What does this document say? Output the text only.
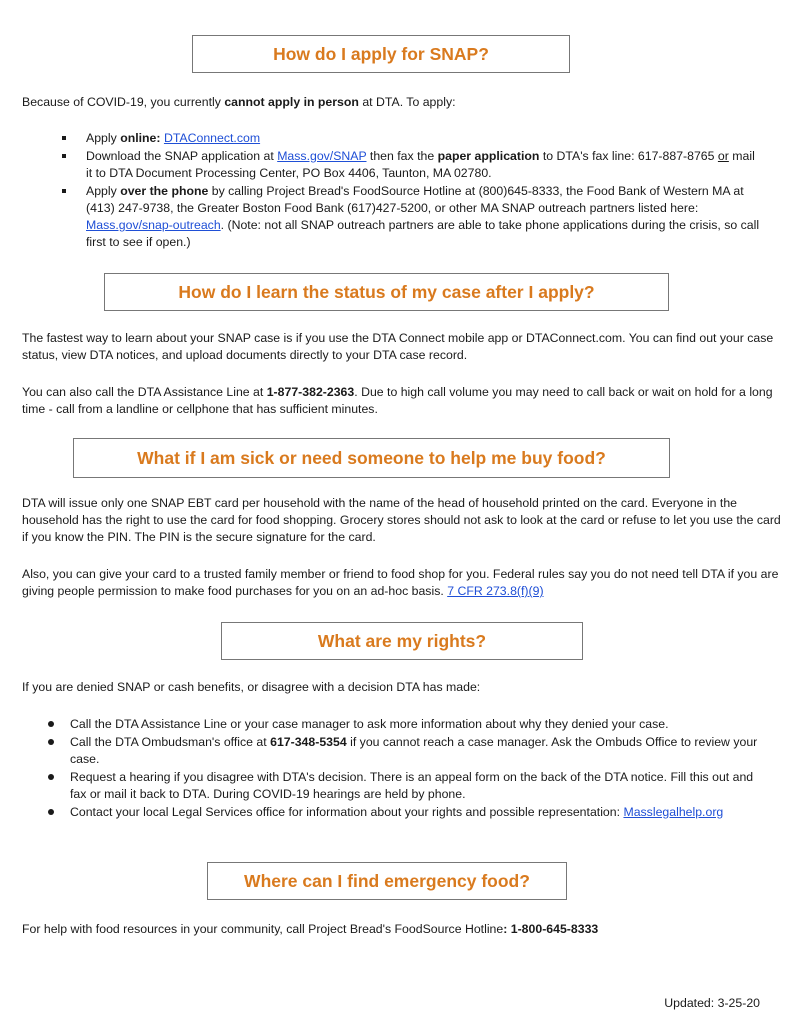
How do I apply for SNAP?

Because of COVID-19, you currently cannot apply in person at DTA. To apply:

Apply online: DTAConnect.com
Download the SNAP application at Mass.gov/SNAP then fax the paper application to DTA's fax line: 617-887-8765 or mail it to DTA Document Processing Center, PO Box 4406, Taunton, MA 02780.
Apply over the phone by calling Project Bread's FoodSource Hotline at (800)645-8333, the Food Bank of Western MA at (413) 247-9738, the Greater Boston Food Bank (617)427-5200, or other MA SNAP outreach partners listed here: Mass.gov/snap-outreach. (Note: not all SNAP outreach partners are able to take phone applications during the crisis, so call first to see if open.)
How do I learn the status of my case after I apply?

The fastest way to learn about your SNAP case is if you use the DTA Connect mobile app or DTAConnect.com. You can find out your case status, view DTA notices, and upload documents directly to your DTA case record.

You can also call the DTA Assistance Line at 1-877-382-2363. Due to high call volume you may need to call back or wait on hold for a long time - call from a landline or cellphone that has sufficient minutes.

What if I am sick or need someone to help me buy food?

DTA will issue only one SNAP EBT card per household with the name of the head of household printed on the card. Everyone in the household has the right to use the card for food shopping. Grocery stores should not ask to look at the card or refuse to let you use the card if you know the PIN. The PIN is the secure signature for the card.

Also, you can give your card to a trusted family member or friend to food shop for you. Federal rules say you do not need tell DTA if you are giving people permission to make food purchases for you on an ad-hoc basis. 7 CFR 273.8(f)(9)

What are my rights?

If you are denied SNAP or cash benefits, or disagree with a decision DTA has made:

Call the DTA Assistance Line or your case manager to ask more information about why they denied your case.
Call the DTA Ombudsman's office at 617-348-5354 if you cannot reach a case manager. Ask the Ombuds Office to review your case.
Request a hearing if you disagree with DTA's decision. There is an appeal form on the back of the DTA notice. Fill this out and fax or mail it back to DTA. During COVID-19 hearings are held by phone.
Contact your local Legal Services office for information about your rights and possible representation: Masslegalhelp.org
Where can I find emergency food?

For help with food resources in your community, call Project Bread's FoodSource Hotline: 1-800-645-8333

Updated: 3-25-20
